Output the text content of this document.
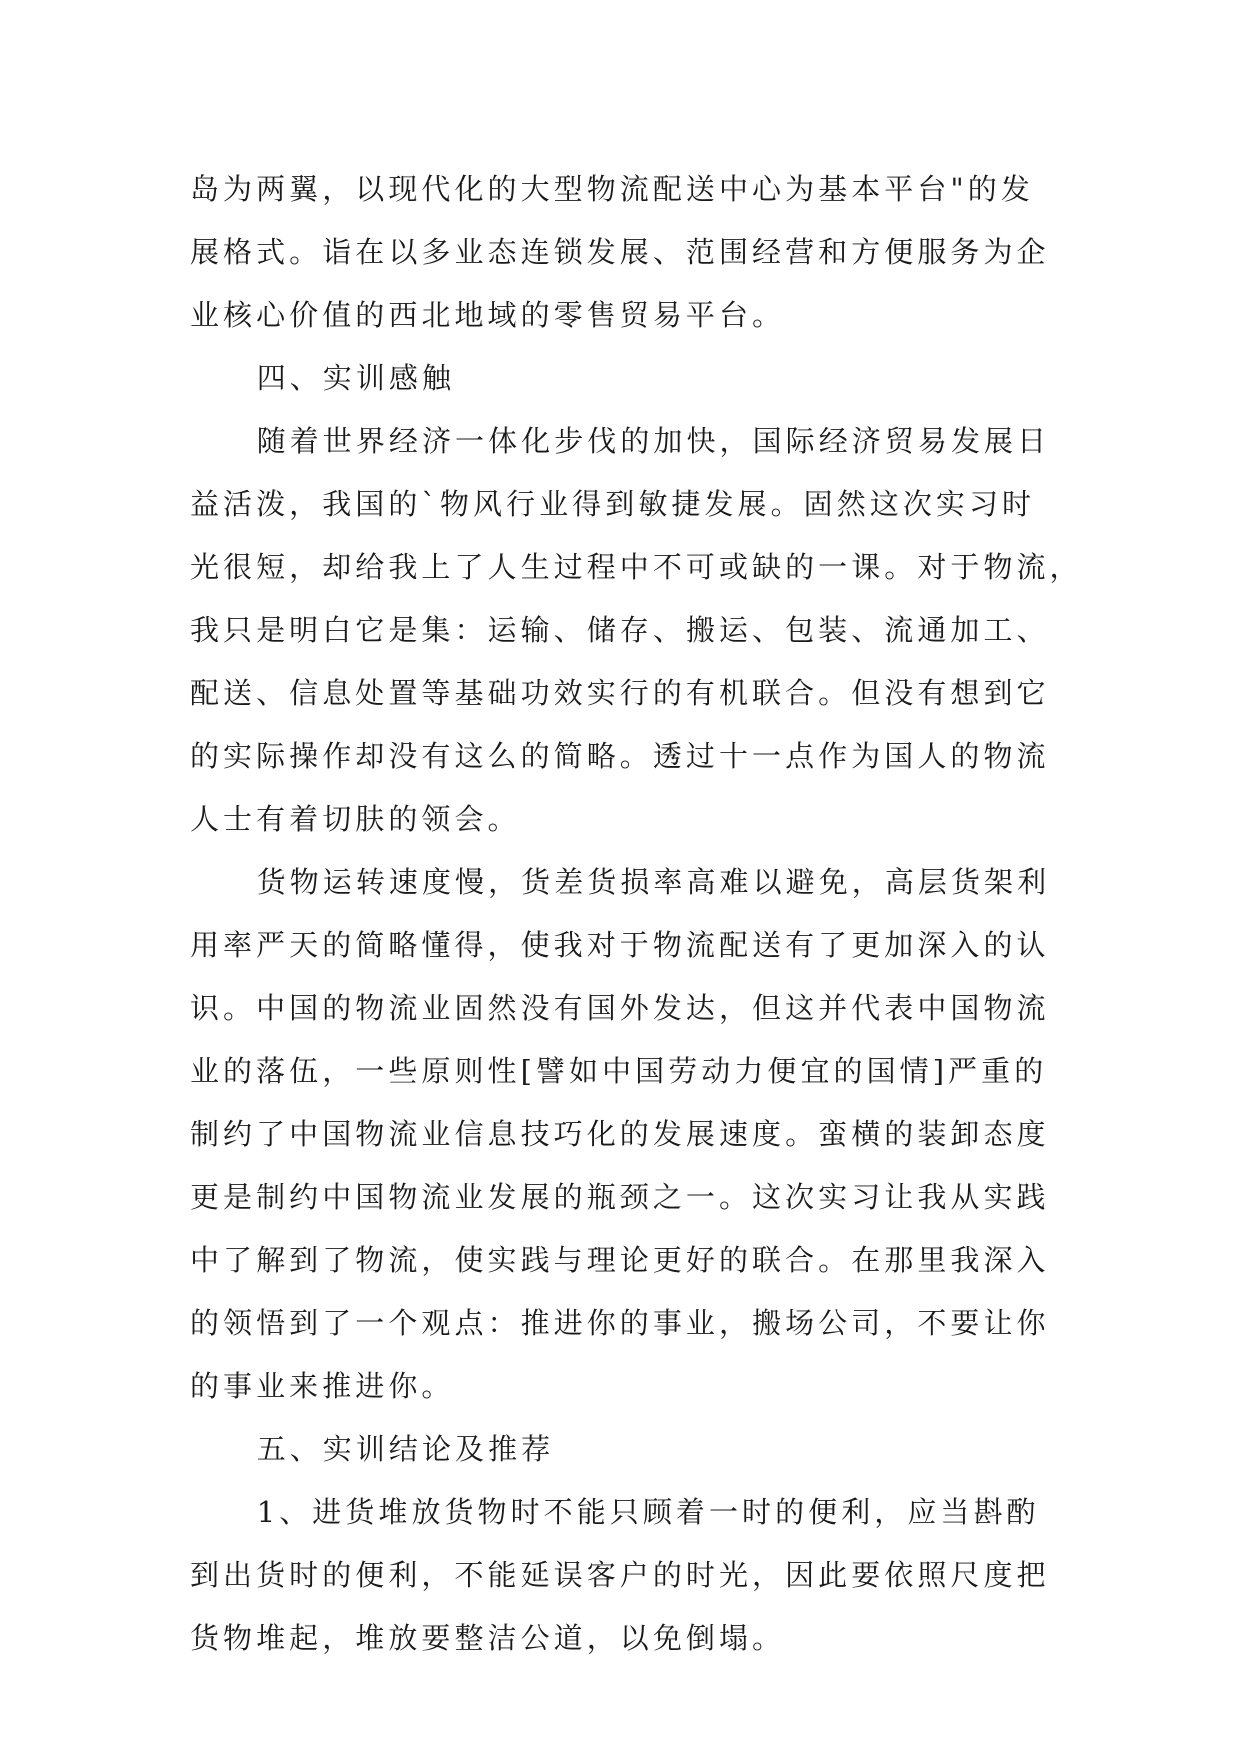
岛为两翼，以现代化的大型物流配送中心为基本平台"的发
展格式。诣在以多业态连锁发展、范围经营和方便服务为企
业核心价值的西北地域的零售贸易平台。
四、实训感触
随着世界经济一体化步伐的加快，国际经济贸易发展日
益活泼，我国的`物风行业得到敏捷发展。固然这次实习时
光很短，却给我上了人生过程中不可或缺的一课。对于物流，
我只是明白它是集：运输、储存、搬运、包装、流通加工、
配送、信息处置等基础功效实行的有机联合。但没有想到它
的实际操作却没有这么的简略。透过十一点作为国人的物流
人士有着切肤的领会。
货物运转速度慢，货差货损率高难以避免，高层货架利
用率严天的简略懂得，使我对于物流配送有了更加深入的认
识。中国的物流业固然没有国外发达，但这并代表中国物流
业的落伍，一些原则性[譬如中国劳动力便宜的国情]严重的
制约了中国物流业信息技巧化的发展速度。蛮横的装卸态度
更是制约中国物流业发展的瓶颈之一。这次实习让我从实践
中了解到了物流，使实践与理论更好的联合。在那里我深入
的领悟到了一个观点：推进你的事业，搬场公司，不要让你
的事业来推进你。
五、实训结论及推荐
1、进货堆放货物时不能只顾着一时的便利，应当斟酌
到出货时的便利，不能延误客户的时光，因此要依照尺度把
货物堆起，堆放要整洁公道，以免倒塌。
